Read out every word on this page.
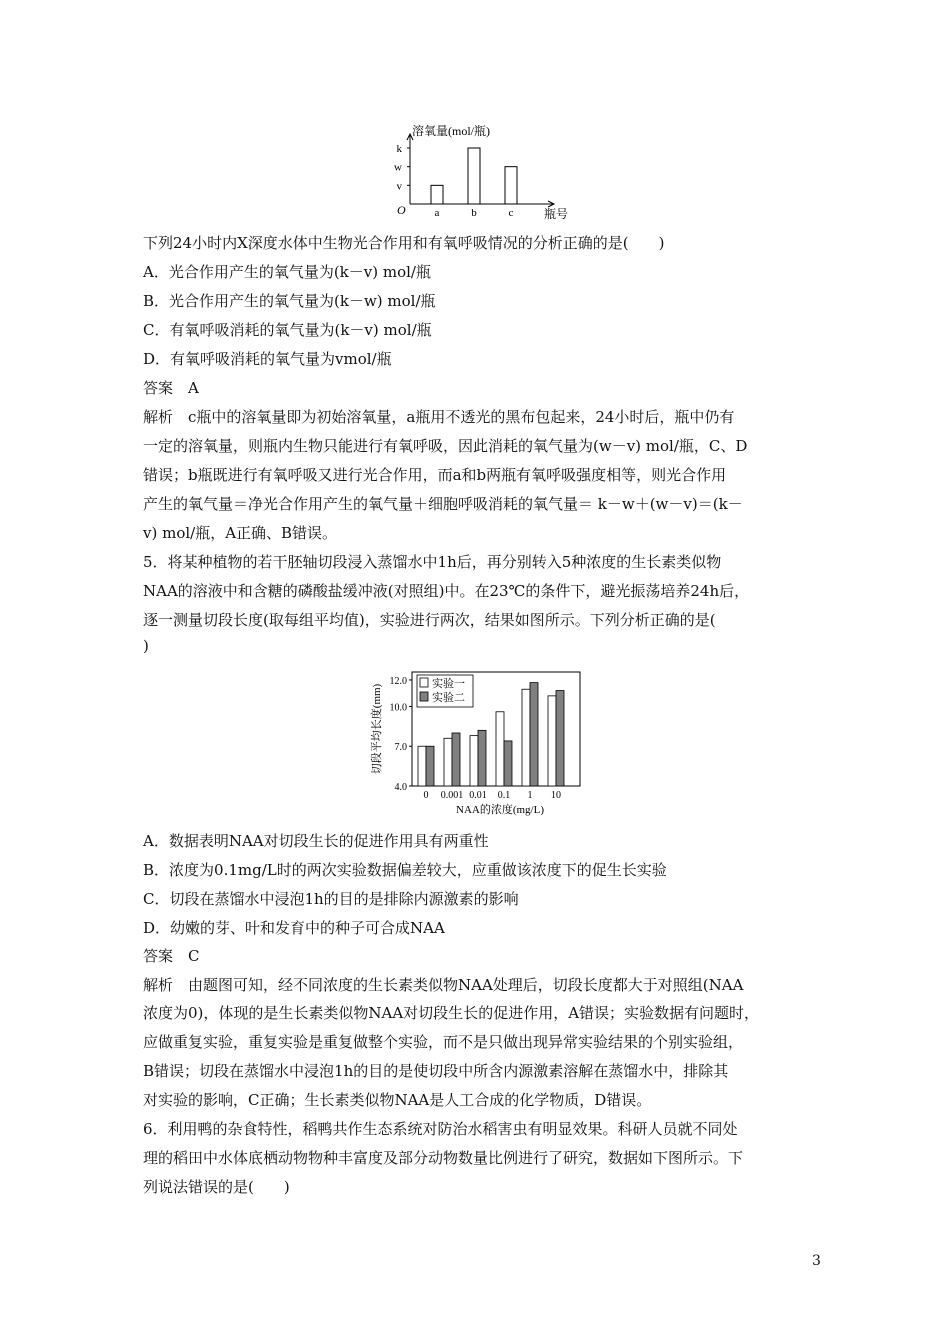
溶氧量(mol/瓶)
O	瓶号
k
w
v
a	b	c
下列24小时内X深度水体中生物光合作用和有氧呼吸情况的分析正确的是(　　)
A．光合作用产生的氧气量为(k－v) mol/瓶
B．光合作用产生的氧气量为(k－w) mol/瓶
C．有氧呼吸消耗的氧气量为(k－v) mol/瓶
D．有氧呼吸消耗的氧气量为vmol/瓶
答案　A
解析　c瓶中的溶氧量即为初始溶氧量，a瓶用不透光的黑布包起来，24小时后，瓶中仍有
一定的溶氧量，则瓶内生物只能进行有氧呼吸，因此消耗的氧气量为(w－v) mol/瓶，C、D
错误；b瓶既进行有氧呼吸又进行光合作用，而a和b两瓶有氧呼吸强度相等，则光合作用
产生的氧气量＝净光合作用产生的氧气量＋细胞呼吸消耗的氧气量＝ k－w＋(w－v)＝(k－
v) mol/瓶，A正确、B错误。
5．将某种植物的若干胚轴切段浸入蒸馏水中1h后，再分别转入5种浓度的生长素类似物
NAA的溶液中和含糖的磷酸盐缓冲液(对照组)中。在23℃的条件下，避光振荡培养24h后，
逐一测量切段长度(取每组平均值)，实验进行两次，结果如图所示。下列分析正确的是(
)
4.0
7.0
10.0
12.0
切段平均长度(mm)
0 0.001 0.01 0.1 1 10
NAA的浓度(mg/L)
实验一
实验二
A．数据表明NAA对切段生长的促进作用具有两重性
B．浓度为0.1mg/L时的两次实验数据偏差较大，应重做该浓度下的促生长实验
C．切段在蒸馏水中浸泡1h的目的是排除内源激素的影响
D．幼嫩的芽、叶和发育中的种子可合成NAA
答案　C
解析　由题图可知，经不同浓度的生长素类似物NAA处理后，切段长度都大于对照组(NAA
浓度为0)，体现的是生长素类似物NAA对切段生长的促进作用，A错误；实验数据有问题时，
应做重复实验，重复实验是重复做整个实验，而不是只做出现异常实验结果的个别实验组，
B错误；切段在蒸馏水中浸泡1h的目的是使切段中所含内源激素溶解在蒸馏水中，排除其
对实验的影响，C正确；生长素类似物NAA是人工合成的化学物质，D错误。
6．利用鸭的杂食特性，稻鸭共作生态系统对防治水稻害虫有明显效果。科研人员就不同处
理的稻田中水体底栖动物物种丰富度及部分动物数量比例进行了研究，数据如下图所示。下
列说法错误的是(　　)
3
